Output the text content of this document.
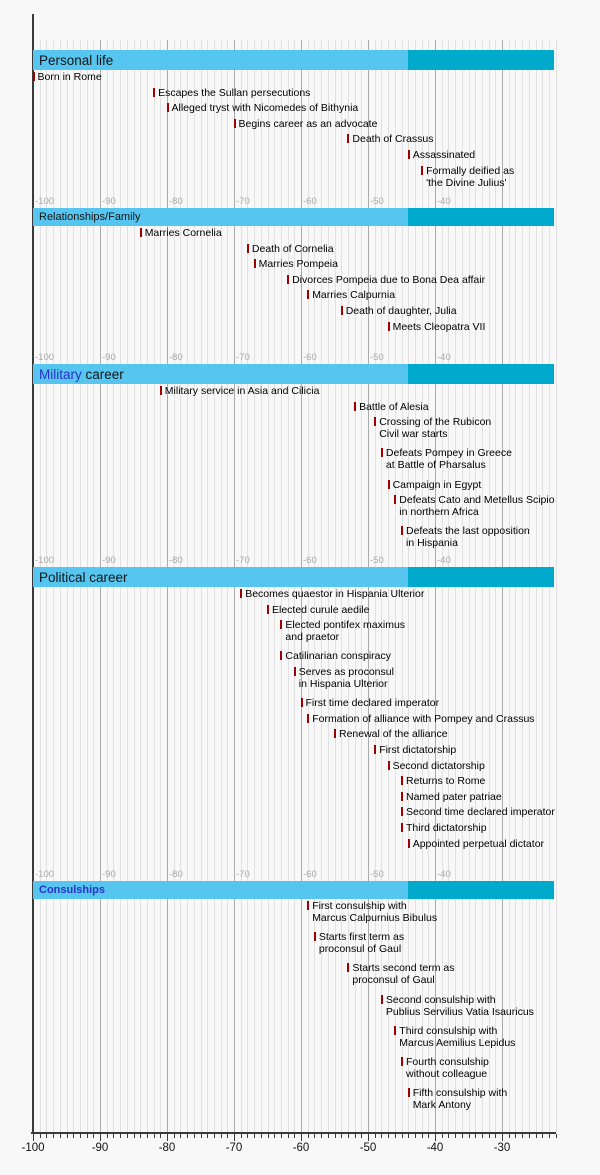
Personal life
Born in Rome
Escapes the Sullan persecutions
Alleged tryst with Nicomedes of Bithynia
Begins career as an advocate
Death of Crassus
Assassinated
Formally deified as
'the Divine Julius'
-100	-90	-80	-70	-60	-50	-40
Relationships/Family
Marries Cornelia
Death of Cornelia
Marries Pompeia
Divorces Pompeia due to Bona Dea affair
Marries Calpurnia
Death of daughter, Julia
Meets Cleopatra VII
-100	-90	-80	-70	-60	-50	-40
Military career
Military service in Asia and Cilicia
Battle of Alesia
Crossing of the Rubicon
Civil war starts
Defeats Pompey in Greece
at Battle of Pharsalus
Campaign in Egypt
Defeats Cato and Metellus Scipio
in northern Africa
Defeats the last opposition
in Hispania
-100	-90	-80	-70	-60	-50	-40
Political career
Becomes quaestor in Hispania Ulterior
Elected curule aedile
Elected pontifex maximus
and praetor
Catilinarian conspiracy
Serves as proconsul
in Hispania Ulterior
First time declared imperator
Formation of alliance with Pompey and Crassus
Renewal of the alliance
First dictatorship
Second dictatorship
Returns to Rome
Named pater patriae
Second time declared imperator
Third dictatorship
Appointed perpetual dictator
-100	-90	-80	-70	-60	-50	-40
Consulships
First consulship with
Marcus Calpurnius Bibulus
Starts first term as
proconsul of Gaul
Starts second term as
proconsul of Gaul
Second consulship with
Publius Servilius Vatia Isauricus
Third consulship with
Marcus Aemilius Lepidus
Fourth consulship
without colleague
Fifth consulship with
Mark Antony
-100	-90	-80	-70	-60	-50	-40	-30
